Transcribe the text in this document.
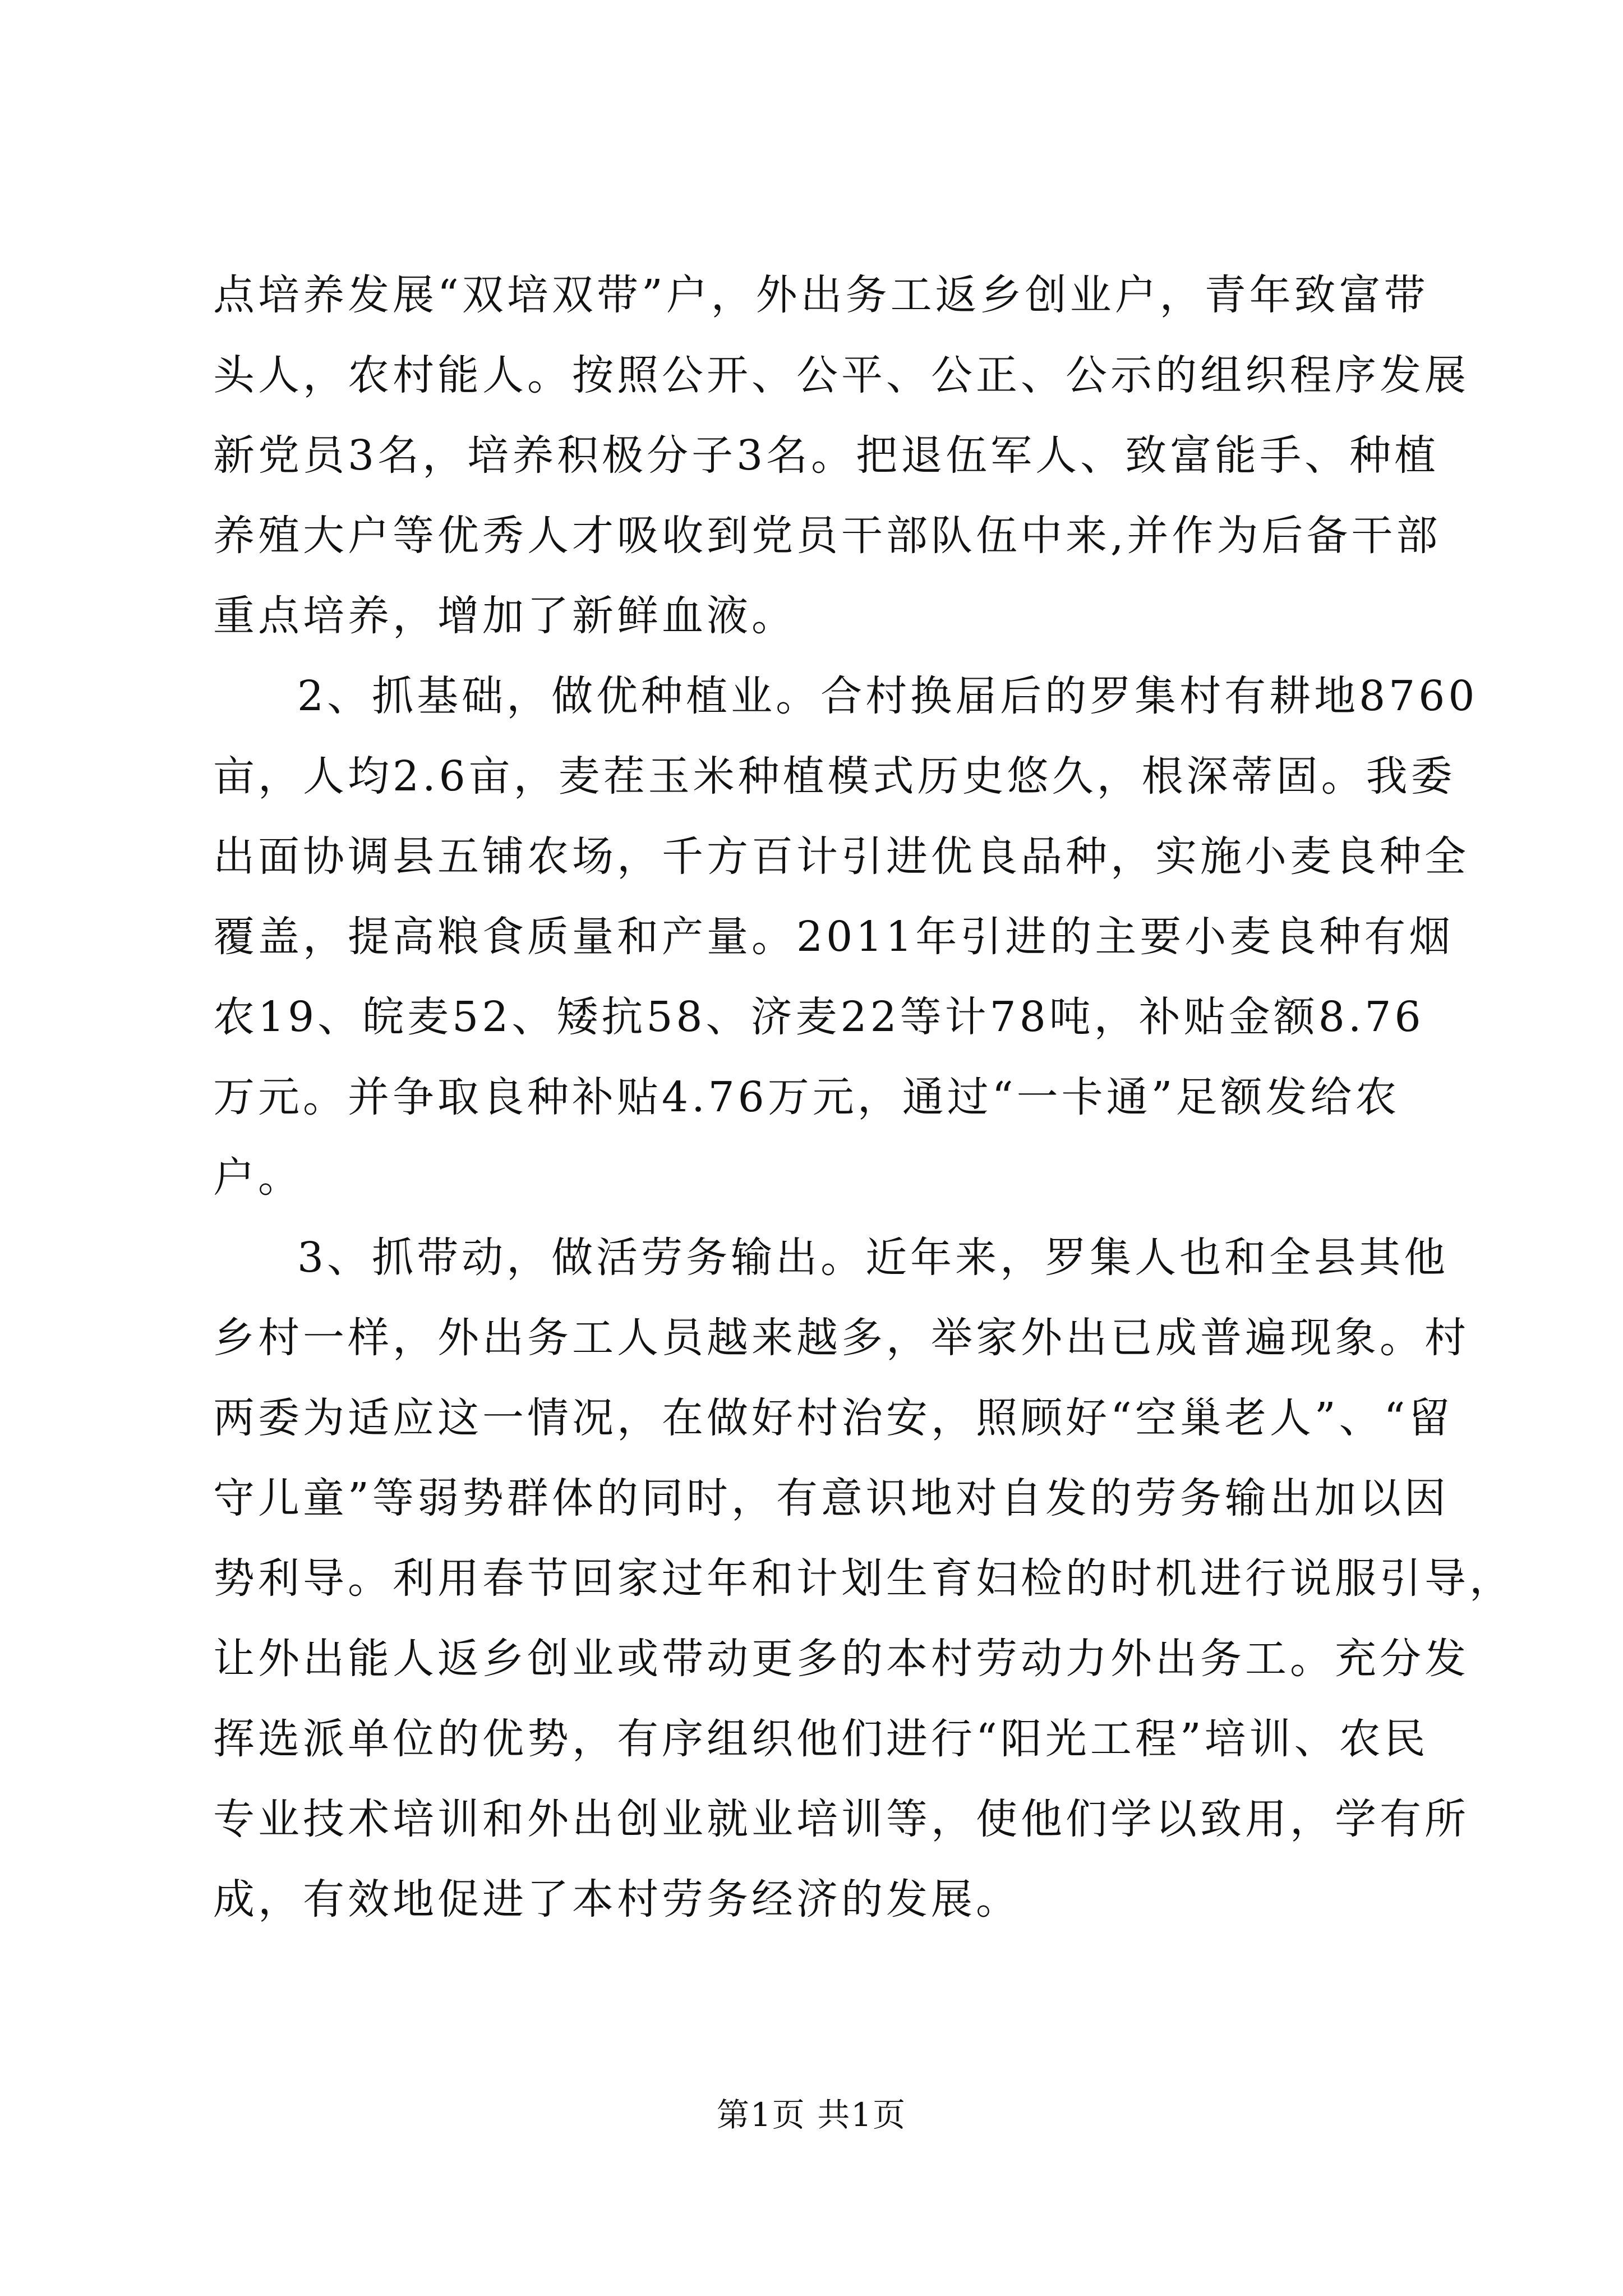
点培养发展“双培双带”户，外出务工返乡创业户，青年致富带
头人，农村能人。按照公开、公平、公正、公示的组织程序发展
新党员3名，培养积极分子3名。把退伍军人、致富能手、种植
养殖大户等优秀人才吸收到党员干部队伍中来,并作为后备干部
重点培养，增加了新鲜血液。

2、抓基础，做优种植业。合村换届后的罗集村有耕地8760
亩，人均2.6亩，麦茬玉米种植模式历史悠久，根深蒂固。我委
出面协调县五铺农场，千方百计引进优良品种，实施小麦良种全
覆盖，提高粮食质量和产量。2011年引进的主要小麦良种有烟
农19、皖麦52、矮抗58、济麦22等计78吨，补贴金额8.76
万元。并争取良种补贴4.76万元，通过“一卡通”足额发给农
户。

3、抓带动，做活劳务输出。近年来，罗集人也和全县其他
乡村一样，外出务工人员越来越多，举家外出已成普遍现象。村
两委为适应这一情况，在做好村治安，照顾好“空巢老人”、“留
守儿童”等弱势群体的同时，有意识地对自发的劳务输出加以因
势利导。利用春节回家过年和计划生育妇检的时机进行说服引导，
让外出能人返乡创业或带动更多的本村劳动力外出务工。充分发
挥选派单位的优势，有序组织他们进行“阳光工程”培训、农民
专业技术培训和外出创业就业培训等，使他们学以致用，学有所
成，有效地促进了本村劳务经济的发展。

第1页 共1页
